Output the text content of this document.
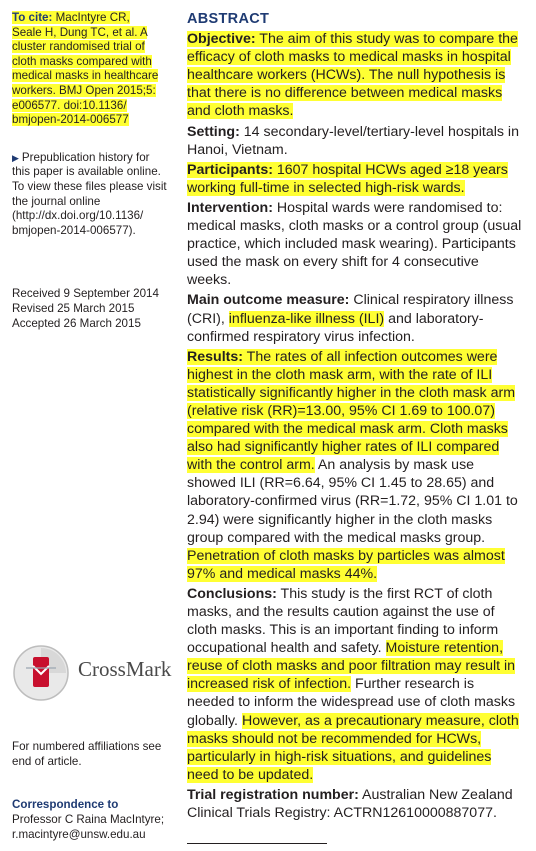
To cite: MacIntyre CR, Seale H, Dung TC, et al. A cluster randomised trial of cloth masks compared with medical masks in healthcare workers. BMJ Open 2015;5: e006577. doi:10.1136/ bmjopen-2014-006577
▶ Prepublication history for this paper is available online. To view these files please visit the journal online (http://dx.doi.org/10.1136/ bmjopen-2014-006577).
Received 9 September 2014
Revised 25 March 2015
Accepted 26 March 2015
CrossMark
For numbered affiliations see end of article.
Correspondence to
Professor C Raina MacIntyre;
r.macintyre@unsw.edu.au
ABSTRACT
Objective: The aim of this study was to compare the efficacy of cloth masks to medical masks in hospital healthcare workers (HCWs). The null hypothesis is that there is no difference between medical masks and cloth masks.
Setting: 14 secondary-level/tertiary-level hospitals in Hanoi, Vietnam.
Participants: 1607 hospital HCWs aged ≥18 years working full-time in selected high-risk wards.
Intervention: Hospital wards were randomised to: medical masks, cloth masks or a control group (usual practice, which included mask wearing). Participants used the mask on every shift for 4 consecutive weeks.
Main outcome measure: Clinical respiratory illness (CRI), influenza-like illness (ILI) and laboratory-confirmed respiratory virus infection.
Results: The rates of all infection outcomes were highest in the cloth mask arm, with the rate of ILI statistically significantly higher in the cloth mask arm (relative risk (RR)=13.00, 95% CI 1.69 to 100.07) compared with the medical mask arm. Cloth masks also had significantly higher rates of ILI compared with the control arm. An analysis by mask use showed ILI (RR=6.64, 95% CI 1.45 to 28.65) and laboratory-confirmed virus (RR=1.72, 95% CI 1.01 to 2.94) were significantly higher in the cloth masks group compared with the medical masks group. Penetration of cloth masks by particles was almost 97% and medical masks 44%.
Conclusions: This study is the first RCT of cloth masks, and the results caution against the use of cloth masks. This is an important finding to inform occupational health and safety. Moisture retention, reuse of cloth masks and poor filtration may result in increased risk of infection. Further research is needed to inform the widespread use of cloth masks globally. However, as a precautionary measure, cloth masks should not be recommended for HCWs, particularly in high-risk situations, and guidelines need to be updated.
Trial registration number: Australian New Zealand Clinical Trials Registry: ACTRN12610000887077.
